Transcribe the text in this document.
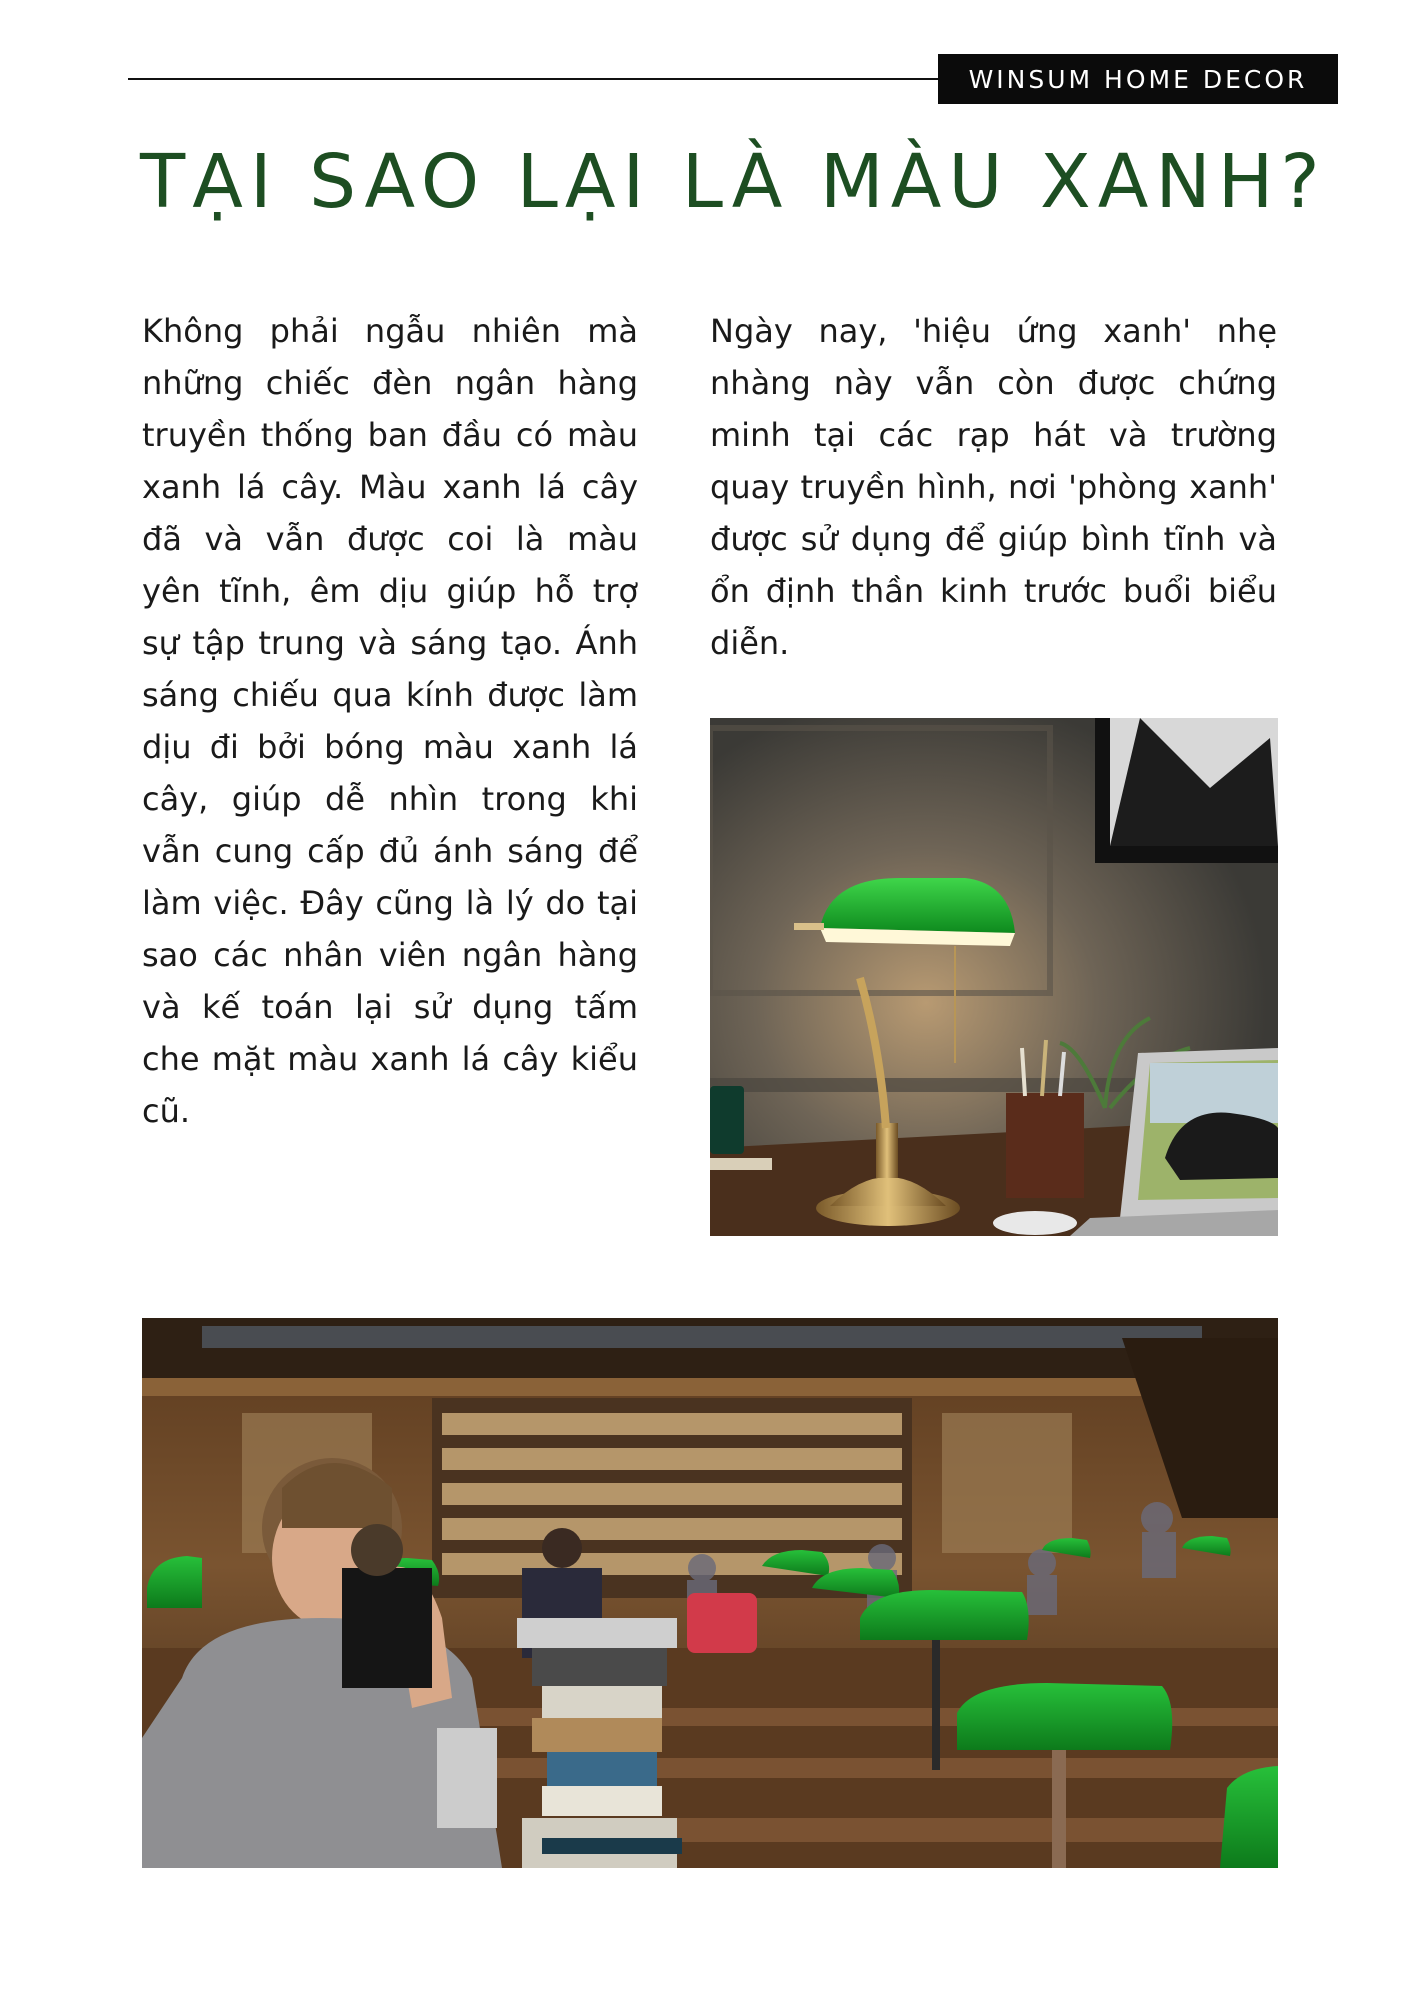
WINSUM HOME DECOR
TẠI SAO LẠI LÀ MÀU XANH?

Không phải ngẫu nhiên mà những chiếc đèn ngân hàng truyền thống ban đầu có màu xanh lá cây. Màu xanh lá cây đã và vẫn được coi là màu yên tĩnh, êm dịu giúp hỗ trợ sự tập trung và sáng tạo. Ánh sáng chiếu qua kính được làm dịu đi bởi bóng màu xanh lá cây, giúp dễ nhìn trong khi vẫn cung cấp đủ ánh sáng để làm việc. Đây cũng là lý do tại sao các nhân viên ngân hàng và kế toán lại sử dụng tấm che mặt màu xanh lá cây kiểu cũ.

Ngày nay, 'hiệu ứng xanh' nhẹ nhàng này vẫn còn được chứng minh tại các rạp hát và trường quay truyền hình, nơi 'phòng xanh' được sử dụng để giúp bình tĩnh và ổn định thần kinh trước buổi biểu diễn.
